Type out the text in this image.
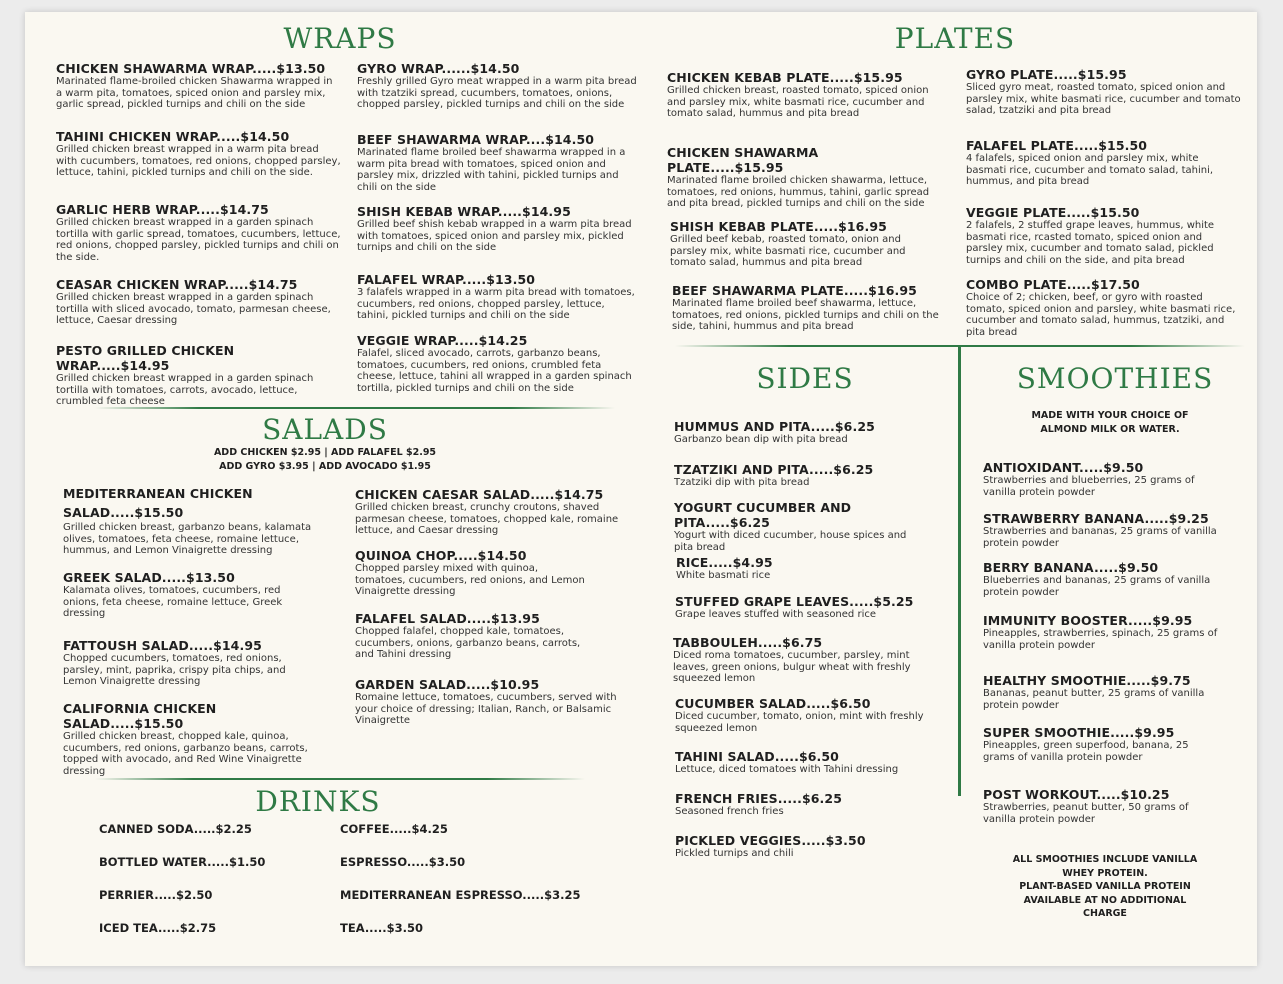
WRAPS
CHICKEN SHAWARMA WRAP.....$13.50
Marinated flame-broiled chicken Shawarma wrapped in a warm pita, tomatoes, spiced onion and parsley mix, garlic spread, pickled turnips and chili on the side
TAHINI CHICKEN WRAP.....$14.50
Grilled chicken breast wrapped in a warm pita bread with cucumbers, tomatoes, red onions, chopped parsley, lettuce, tahini, pickled turnips and chili on the side.
GARLIC HERB WRAP.....$14.75
Grilled chicken breast wrapped in a garden spinach tortilla with garlic spread, tomatoes, cucumbers, lettuce, red onions, chopped parsley, pickled turnips and chili on the side.
CEASAR CHICKEN WRAP.....$14.75
Grilled chicken breast wrapped in a garden spinach tortilla with sliced avocado, tomato, parmesan cheese, lettuce, Caesar dressing
PESTO GRILLED CHICKEN WRAP.....$14.95
Grilled chicken breast wrapped in a garden spinach tortilla with tomatoes, carrots, avocado, lettuce, crumbled feta cheese
GYRO WRAP......$14.50
Freshly grilled Gyro meat wrapped in a warm pita bread with tzatziki spread, cucumbers, tomatoes, onions, chopped parsley, pickled turnips and chili on the side
BEEF SHAWARMA WRAP....$14.50
Marinated flame broiled beef shawarma wrapped in a warm pita bread with tomatoes, spiced onion and parsley mix, drizzled with tahini, pickled turnips and chili on the side
SHISH KEBAB WRAP.....$14.95
Grilled beef shish kebab wrapped in a warm pita bread with tomatoes, spiced onion and parsley mix, pickled turnips and chili on the side
FALAFEL WRAP.....$13.50
3 falafels wrapped in a warm pita bread with tomatoes, cucumbers, red onions, chopped parsley, lettuce, tahini, pickled turnips and chili on the side
VEGGIE WRAP.....$14.25
Falafel, sliced avocado, carrots, garbanzo beans, tomatoes, cucumbers, red onions, crumbled feta cheese, lettuce, tahini all wrapped in a garden spinach tortilla, pickled turnips and chili on the side
SALADS
ADD CHICKEN $2.95 | ADD FALAFEL $2.95
ADD GYRO $3.95 | ADD AVOCADO $1.95
MEDITERRANEAN CHICKEN
SALAD.....$15.50
Grilled chicken breast, garbanzo beans, kalamata olives, tomatoes, feta cheese, romaine lettuce, hummus, and Lemon Vinaigrette dressing
GREEK SALAD.....$13.50
Kalamata olives, tomatoes, cucumbers, red onions, feta cheese, romaine lettuce, Greek dressing
FATTOUSH SALAD.....$14.95
Chopped cucumbers, tomatoes, red onions, parsley, mint, paprika, crispy pita chips, and Lemon Vinaigrette dressing
CALIFORNIA CHICKEN SALAD.....$15.50
Grilled chicken breast, chopped kale, quinoa, cucumbers, red onions, garbanzo beans, carrots, topped with avocado, and Red Wine Vinaigrette dressing
CHICKEN CAESAR SALAD.....$14.75
Grilled chicken breast, crunchy croutons, shaved parmesan cheese, tomatoes, chopped kale, romaine lettuce, and Caesar dressing
QUINOA CHOP.....$14.50
Chopped parsley mixed with quinoa, tomatoes, cucumbers, red onions, and Lemon Vinaigrette dressing
FALAFEL SALAD.....$13.95
Chopped falafel, chopped kale, tomatoes, cucumbers, onions, garbanzo beans, carrots, and Tahini dressing
GARDEN SALAD.....$10.95
Romaine lettuce, tomatoes, cucumbers, served with your choice of dressing; Italian, Ranch, or Balsamic Vinaigrette
DRINKS
CANNED SODA.....$2.25
BOTTLED WATER.....$1.50
PERRIER.....$2.50
ICED TEA.....$2.75
COFFEE.....$4.25
ESPRESSO.....$3.50
MEDITERRANEAN ESPRESSO.....$3.25
TEA.....$3.50
PLATES
CHICKEN KEBAB PLATE.....$15.95
Grilled chicken breast, roasted tomato, spiced onion and parsley mix, white basmati rice, cucumber and tomato salad, hummus and pita bread
CHICKEN SHAWARMA PLATE.....$15.95
Marinated flame broiled chicken shawarma, lettuce, tomatoes, red onions, hummus, tahini, garlic spread and pita bread, pickled turnips and chili on the side
SHISH KEBAB PLATE.....$16.95
Grilled beef kebab, roasted tomato, onion and parsley mix, white basmati rice, cucumber and tomato salad, hummus and pita bread
BEEF SHAWARMA PLATE.....$16.95
Marinated flame broiled beef shawarma, lettuce, tomatoes, red onions, pickled turnips and chili on the side, tahini, hummus and pita bread
GYRO PLATE.....$15.95
Sliced gyro meat, roasted tomato, spiced onion and parsley mix, white basmati rice, cucumber and tomato salad, tzatziki and pita bread
FALAFEL PLATE.....$15.50
4 falafels, spiced onion and parsley mix, white basmati rice, cucumber and tomato salad, tahini, hummus, and pita bread
VEGGIE PLATE.....$15.50
2 falafels, 2 stuffed grape leaves, hummus, white basmati rice, rcasted tomato, spiced onion and parsley mix, cucumber and tomato salad, pickled turnips and chili on the side, and pita bread
COMBO PLATE.....$17.50
Choice of 2; chicken, beef, or gyro with roasted tomato, spiced onion and parsley, white basmati rice, cucumber and tomato salad, hummus, tzatziki, and pita bread
SIDES
HUMMUS AND PITA.....$6.25
Garbanzo bean dip with pita bread
TZATZIKI AND PITA.....$6.25
Tzatziki dip with pita bread
YOGURT CUCUMBER AND PITA.....$6.25
Yogurt with diced cucumber, house spices and pita bread
RICE.....$4.95
White basmati rice
STUFFED GRAPE LEAVES.....$5.25
Grape leaves stuffed with seasoned rice
TABBOULEH.....$6.75
Diced roma tomatoes, cucumber, parsley, mint leaves, green onions, bulgur wheat with freshly squeezed lemon
CUCUMBER SALAD.....$6.50
Diced cucumber, tomato, onion, mint with freshly squeezed lemon
TAHINI SALAD.....$6.50
Lettuce, diced tomatoes with Tahini dressing
FRENCH FRIES.....$6.25
Seasoned french fries
PICKLED VEGGIES.....$3.50
Pickled turnips and chili
SMOOTHIES
MADE WITH YOUR CHOICE OF
ALMOND MILK OR WATER.
ANTIOXIDANT.....$9.50
Strawberries and blueberries, 25 grams of vanilla protein powder
STRAWBERRY BANANA.....$9.25
Strawberries and bananas, 25 grams of vanilla protein powder
BERRY BANANA.....$9.50
Blueberries and bananas, 25 grams of vanilla protein powder
IMMUNITY BOOSTER.....$9.95
Pineapples, strawberries, spinach, 25 grams of vanilla protein powder
HEALTHY SMOOTHIE.....$9.75
Bananas, peanut butter, 25 grams of vanilla protein powder
SUPER SMOOTHIE.....$9.95
Pineapples, green superfood, banana, 25 grams of vanilla protein powder
POST WORKOUT.....$10.25
Strawberries, peanut butter, 50 grams of vanilla protein powder
ALL SMOOTHIES INCLUDE VANILLA
WHEY PROTEIN.
PLANT-BASED VANILLA PROTEIN
AVAILABLE AT NO ADDITIONAL
CHARGE
